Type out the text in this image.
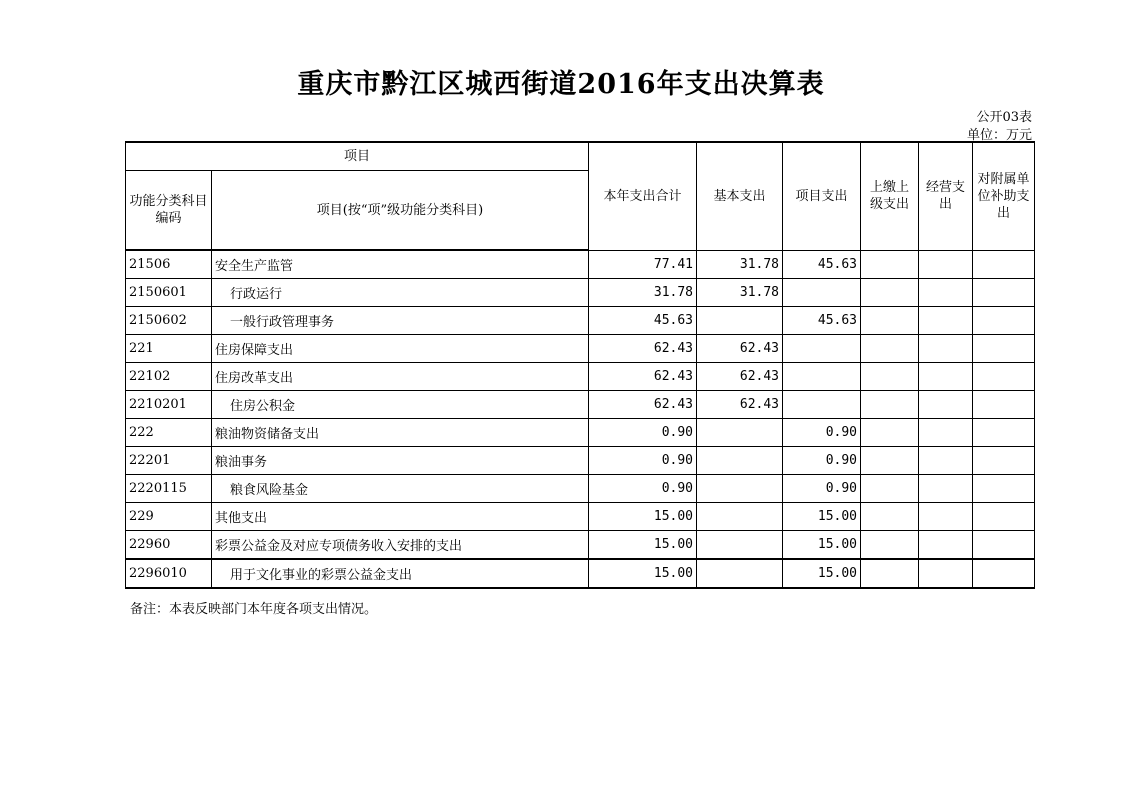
重庆市黔江区城西街道2016年支出决算表
公开03表
单位：万元
项目		本年支出合计	基本支出	项目支出	上缴上级支出	经营支出	对附属单位补助支出
功能分类科目编码	项目(按“项”级功能分类科目)						
21506	安全生产监管	77.41	31.78	45.63			
2150601	行政运行	31.78	31.78				
2150602	一般行政管理事务	45.63		45.63			
221	住房保障支出	62.43	62.43				
22102	住房改革支出	62.43	62.43				
2210201	住房公积金	62.43	62.43				
222	粮油物资储备支出	0.90		0.90			
22201	粮油事务	0.90		0.90			
2220115	粮食风险基金	0.90		0.90			
229	其他支出	15.00		15.00			
22960	彩票公益金及对应专项债务收入安排的支出	15.00		15.00			
2296010	用于文化事业的彩票公益金支出	15.00		15.00			
备注：本表反映部门本年度各项支出情况。
